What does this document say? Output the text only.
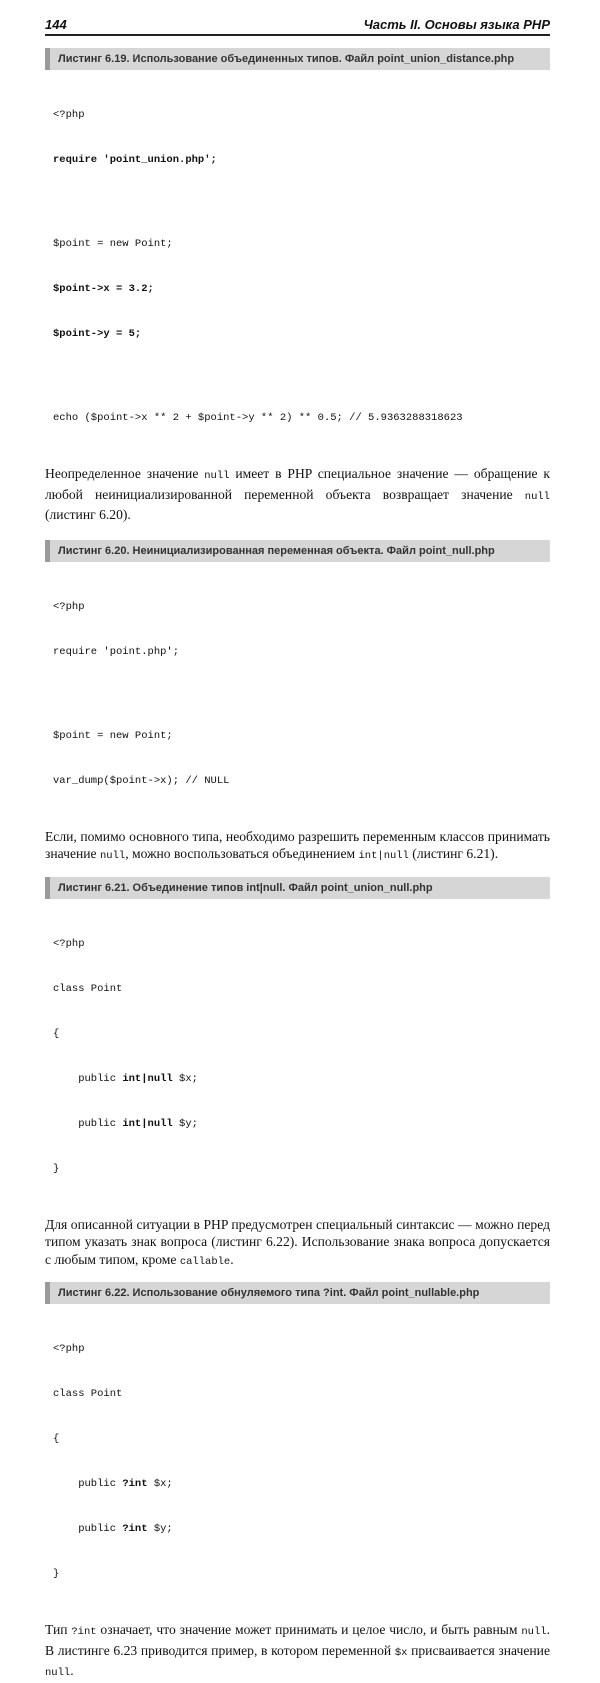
144	Часть II. Основы языка PHP
Листинг 6.19. Использование объединенных типов. Файл point_union_distance.php

<?php

require 'point_union.php';

$point = new Point;

$point->x = 3.2;

$point->y = 5;

echo ($point->x ** 2 + $point->y ** 2) ** 0.5; // 5.9363288318623

Неопределенное значение null имеет в PHP специальное значение — обращение к любой неинициализированной переменной объекта возвращает значение null (листинг 6.20).
Листинг 6.20. Неинициализированная переменная объекта. Файл point_null.php

<?php

require 'point.php';

$point = new Point;

var_dump($point->x); // NULL

Если, помимо основного типа, необходимо разрешить переменным классов принимать значение null, можно воспользоваться объединением int|null (листинг 6.21).
Листинг 6.21. Объединение типов int|null. Файл point_union_null.php

<?php

class Point

{

public int|null $x;

public int|null $y;

}

Для описанной ситуации в PHP предусмотрен специальный синтаксис — можно перед типом указать знак вопроса (листинг 6.22). Использование знака вопроса допускается с любым типом, кроме callable.
Листинг 6.22. Использование обнуляемого типа ?int. Файл point_nullable.php

<?php

class Point

{

public ?int $x;

public ?int $y;

}

Тип ?int означает, что значение может принимать и целое число, и быть равным null. В листинге 6.23 приводится пример, в котором переменной $x присваивается значение null.
